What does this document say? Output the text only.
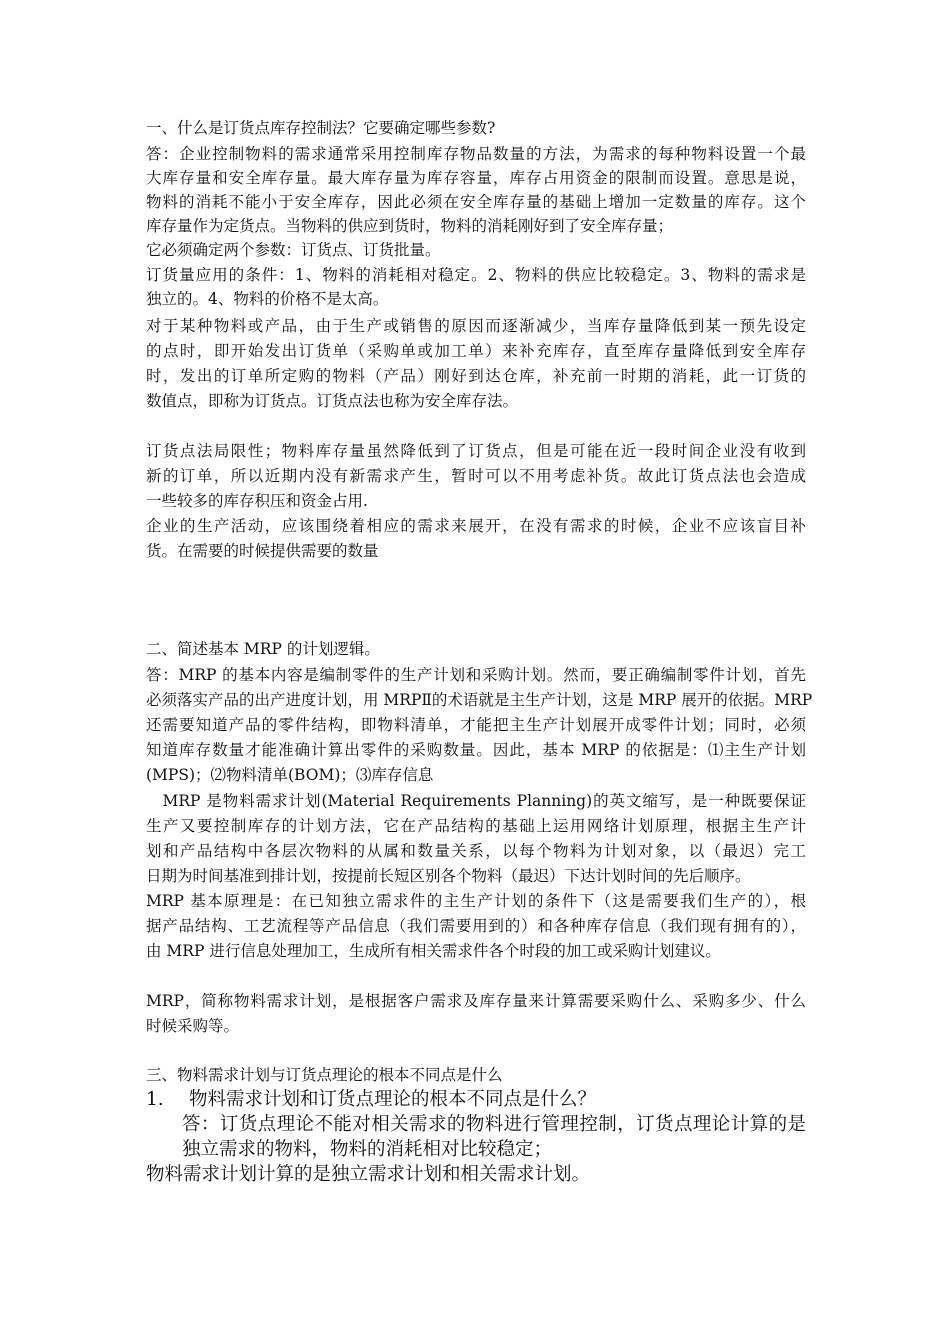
一、什么是订货点库存控制法？它要确定哪些参数?
答：企业控制物料的需求通常采用控制库存物品数量的方法，为需求的每种物料设置一个最
大库存量和安全库存量。最大库存量为库存容量，库存占用资金的限制而设置。意思是说，
物料的消耗不能小于安全库存，因此必须在安全库存量的基础上增加一定数量的库存。这个
库存量作为定货点。当物料的供应到货时，物料的消耗刚好到了安全库存量；
它必须确定两个参数：订货点、订货批量。
订货量应用的条件：1、物料的消耗相对稳定。2、物料的供应比较稳定。3、物料的需求是
独立的。4、物料的价格不是太高。
对于某种物料或产品，由于生产或销售的原因而逐渐减少，当库存量降低到某一预先设定
的点时，即开始发出订货单（采购单或加工单）来补充库存，直至库存量降低到安全库存
时，发出的订单所定购的物料（产品）刚好到达仓库，补充前一时期的消耗，此一订货的
数值点，即称为订货点。订货点法也称为安全库存法。
订货点法局限性；物料库存量虽然降低到了订货点，但是可能在近一段时间企业没有收到
新的订单，所以近期内没有新需求产生，暂时可以不用考虑补货。故此订货点法也会造成
一些较多的库存积压和资金占用.
企业的生产活动，应该围绕着相应的需求来展开，在没有需求的时候，企业不应该盲目补
货。在需要的时候提供需要的数量
二、简述基本 MRP 的计划逻辑。
答：MRP 的基本内容是编制零件的生产计划和采购计划。然而，要正确编制零件计划，首先
必须落实产品的出产进度计划，用 MRPⅡ的术语就是主生产计划，这是 MRP 展开的依据。MRP
还需要知道产品的零件结构，即物料清单，才能把主生产计划展开成零件计划；同时，必须
知道库存数量才能准确计算出零件的采购数量。因此，基本 MRP 的依据是：⑴主生产计划
(MPS)；⑵物料清单(BOM)；⑶库存信息
　MRP 是物料需求计划(Material Requirements Planning)的英文缩写，是一种既要保证
生产又要控制库存的计划方法，它在产品结构的基础上运用网络计划原理，根据主生产计
划和产品结构中各层次物料的从属和数量关系，以每个物料为计划对象，以（最迟）完工
日期为时间基准到排计划，按提前长短区别各个物料（最迟）下达计划时间的先后顺序。
MRP 基本原理是：在已知独立需求件的主生产计划的条件下（这是需要我们生产的），根
据产品结构、工艺流程等产品信息（我们需要用到的）和各种库存信息（我们现有拥有的），
由 MRP 进行信息处理加工，生成所有相关需求件各个时段的加工或采购计划建议。
MRP，简称物料需求计划，是根据客户需求及库存量来计算需要采购什么、采购多少、什么
时候采购等。
三、物料需求计划与订货点理论的根本不同点是什么
1.	物料需求计划和订货点理论的根本不同点是什么？
答：订货点理论不能对相关需求的物料进行管理控制，订货点理论计算的是
独立需求的物料，物料的消耗相对比较稳定；
物料需求计划计算的是独立需求计划和相关需求计划。
